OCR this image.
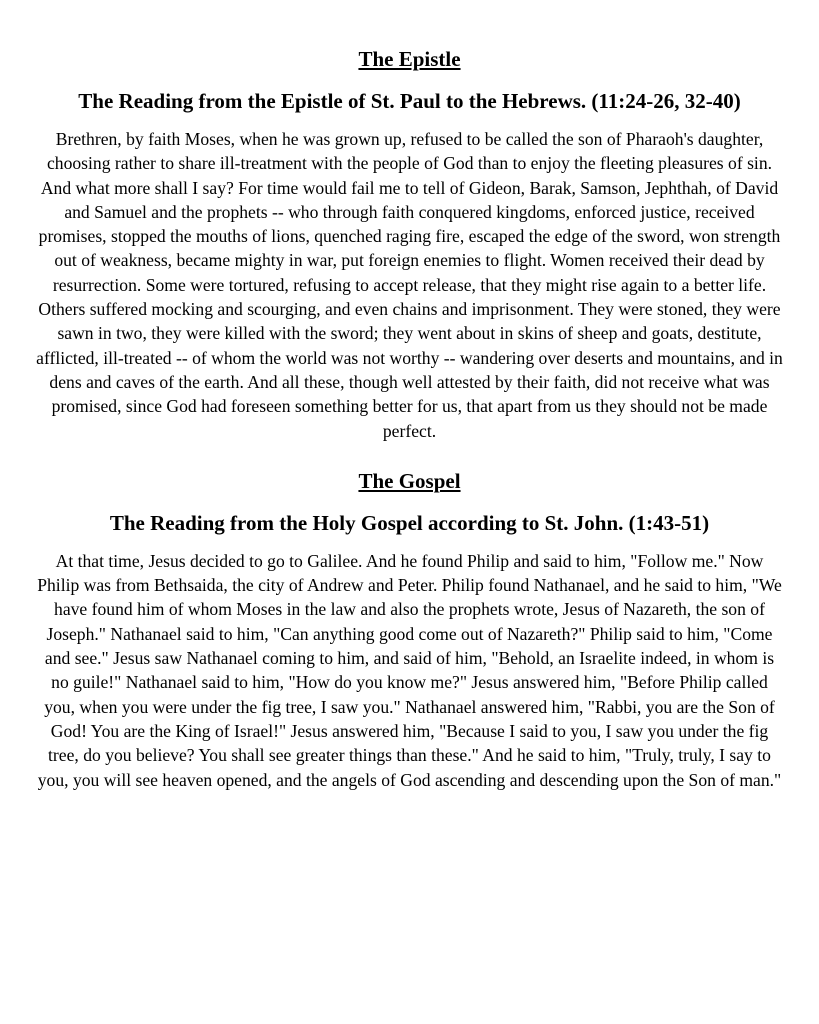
The Epistle
The Reading from the Epistle of St. Paul to the Hebrews. (11:24-26, 32-40)

Brethren, by faith Moses, when he was grown up, refused to be called the son of Pharaoh's daughter, choosing rather to share ill-treatment with the people of God than to enjoy the fleeting pleasures of sin. And what more shall I say? For time would fail me to tell of Gideon, Barak, Samson, Jephthah, of David and Samuel and the prophets -- who through faith conquered kingdoms, enforced justice, received promises, stopped the mouths of lions, quenched raging fire, escaped the edge of the sword, won strength out of weakness, became mighty in war, put foreign enemies to flight. Women received their dead by resurrection. Some were tortured, refusing to accept release, that they might rise again to a better life. Others suffered mocking and scourging, and even chains and imprisonment. They were stoned, they were sawn in two, they were killed with the sword; they went about in skins of sheep and goats, destitute, afflicted, ill-treated -- of whom the world was not worthy -- wandering over deserts and mountains, and in dens and caves of the earth. And all these, though well attested by their faith, did not receive what was promised, since God had foreseen something better for us, that apart from us they should not be made perfect.

The Gospel
The Reading from the Holy Gospel according to St. John. (1:43-51)

At that time, Jesus decided to go to Galilee. And he found Philip and said to him, "Follow me." Now Philip was from Bethsaida, the city of Andrew and Peter. Philip found Nathanael, and he said to him, "We have found him of whom Moses in the law and also the prophets wrote, Jesus of Nazareth, the son of Joseph." Nathanael said to him, "Can anything good come out of Nazareth?" Philip said to him, "Come and see." Jesus saw Nathanael coming to him, and said of him, "Behold, an Israelite indeed, in whom is no guile!" Nathanael said to him, "How do you know me?" Jesus answered him, "Before Philip called you, when you were under the fig tree, I saw you." Nathanael answered him, "Rabbi, you are the Son of God! You are the King of Israel!" Jesus answered him, "Because I said to you, I saw you under the fig tree, do you believe? You shall see greater things than these." And he said to him, "Truly, truly, I say to you, you will see heaven opened, and the angels of God ascending and descending upon the Son of man."
